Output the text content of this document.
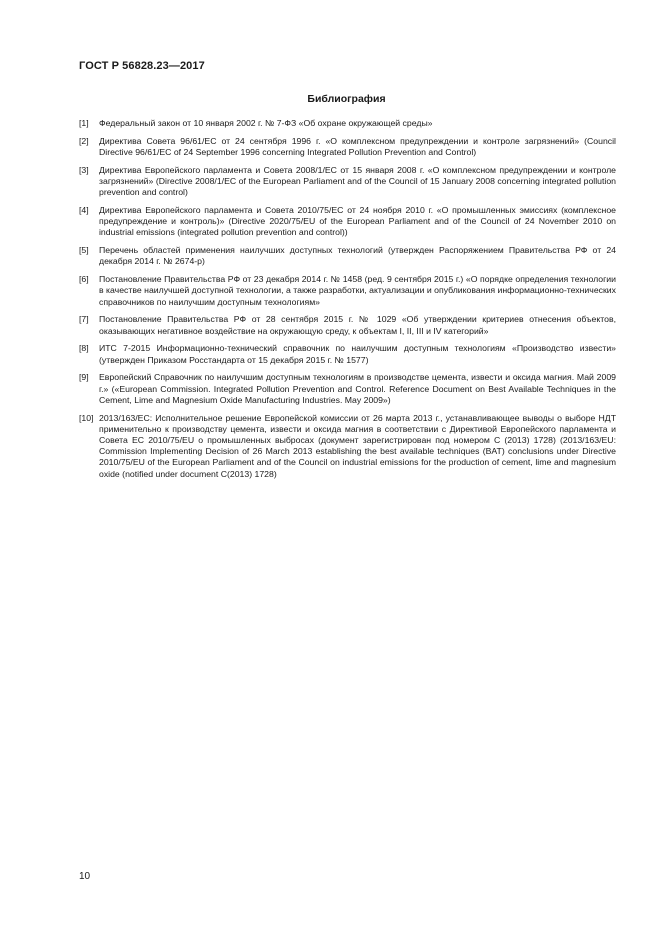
ГОСТ Р 56828.23—2017
Библиография
[1] Федеральный закон от 10 января 2002 г. № 7-ФЗ «Об охране окружающей среды»
[2] Директива Совета 96/61/ЕС от 24 сентября 1996 г. «О комплексном предупреждении и контроле загрязнений» (Council Directive 96/61/EC of 24 September 1996 concerning Integrated Pollution Prevention and Control)
[3] Директива Европейского парламента и Совета 2008/1/ЕС от 15 января 2008 г. «О комплексном предупреждении и контроле загрязнений» (Directive 2008/1/EC of the European Parliament and of the Council of 15 January 2008 concerning integrated pollution prevention and control)
[4] Директива Европейского парламента и Совета 2010/75/ЕС от 24 ноября 2010 г. «О промышленных эмиссиях (комплексное предупреждение и контроль)» (Directive 2020/75/EU of the European Parliament and of the Council of 24 November 2010 on industrial emissions (integrated pollution prevention and control))
[5] Перечень областей применения наилучших доступных технологий (утвержден Распоряжением Правительства РФ от 24 декабря 2014 г. № 2674-р)
[6] Постановление Правительства РФ от 23 декабря 2014 г. № 1458 (ред. 9 сентября 2015 г.) «О порядке определения технологии в качестве наилучшей доступной технологии, а также разработки, актуализации и опубликования информационно-технических справочников по наилучшим доступным технологиям»
[7] Постановление Правительства РФ от 28 сентября 2015 г. № 1029 «Об утверждении критериев отнесения объектов, оказывающих негативное воздействие на окружающую среду, к объектам I, II, III и IV категорий»
[8] ИТС 7-2015 Информационно-технический справочник по наилучшим доступным технологиям «Производство извести» (утвержден Приказом Росстандарта от 15 декабря 2015 г. № 1577)
[9] Европейский Справочник по наилучшим доступным технологиям в производстве цемента, извести и оксида магния. Май 2009 г.» («European Commission. Integrated Pollution Prevention and Control. Reference Document on Best Available Techniques in the Cement, Lime and Magnesium Oxide Manufacturing Industries. May 2009»)
[10] 2013/163/ЕС: Исполнительное решение Европейской комиссии от 26 марта 2013 г., устанавливающее выводы о выборе НДТ применительно к производству цемента, извести и оксида магния в соответствии с Директивой Европейского парламента и Совета ЕС 2010/75/ЕU о промышленных выбросах (документ зарегистрирован под номером C (2013) 1728) (2013/163/EU: Commission Implementing Decision of 26 March 2013 establishing the best available techniques (BAT) conclusions under Directive 2010/75/EU of the European Parliament and of the Council on industrial emissions for the production of cement, lime and magnesium oxide (notified under document C(2013) 1728)
10
